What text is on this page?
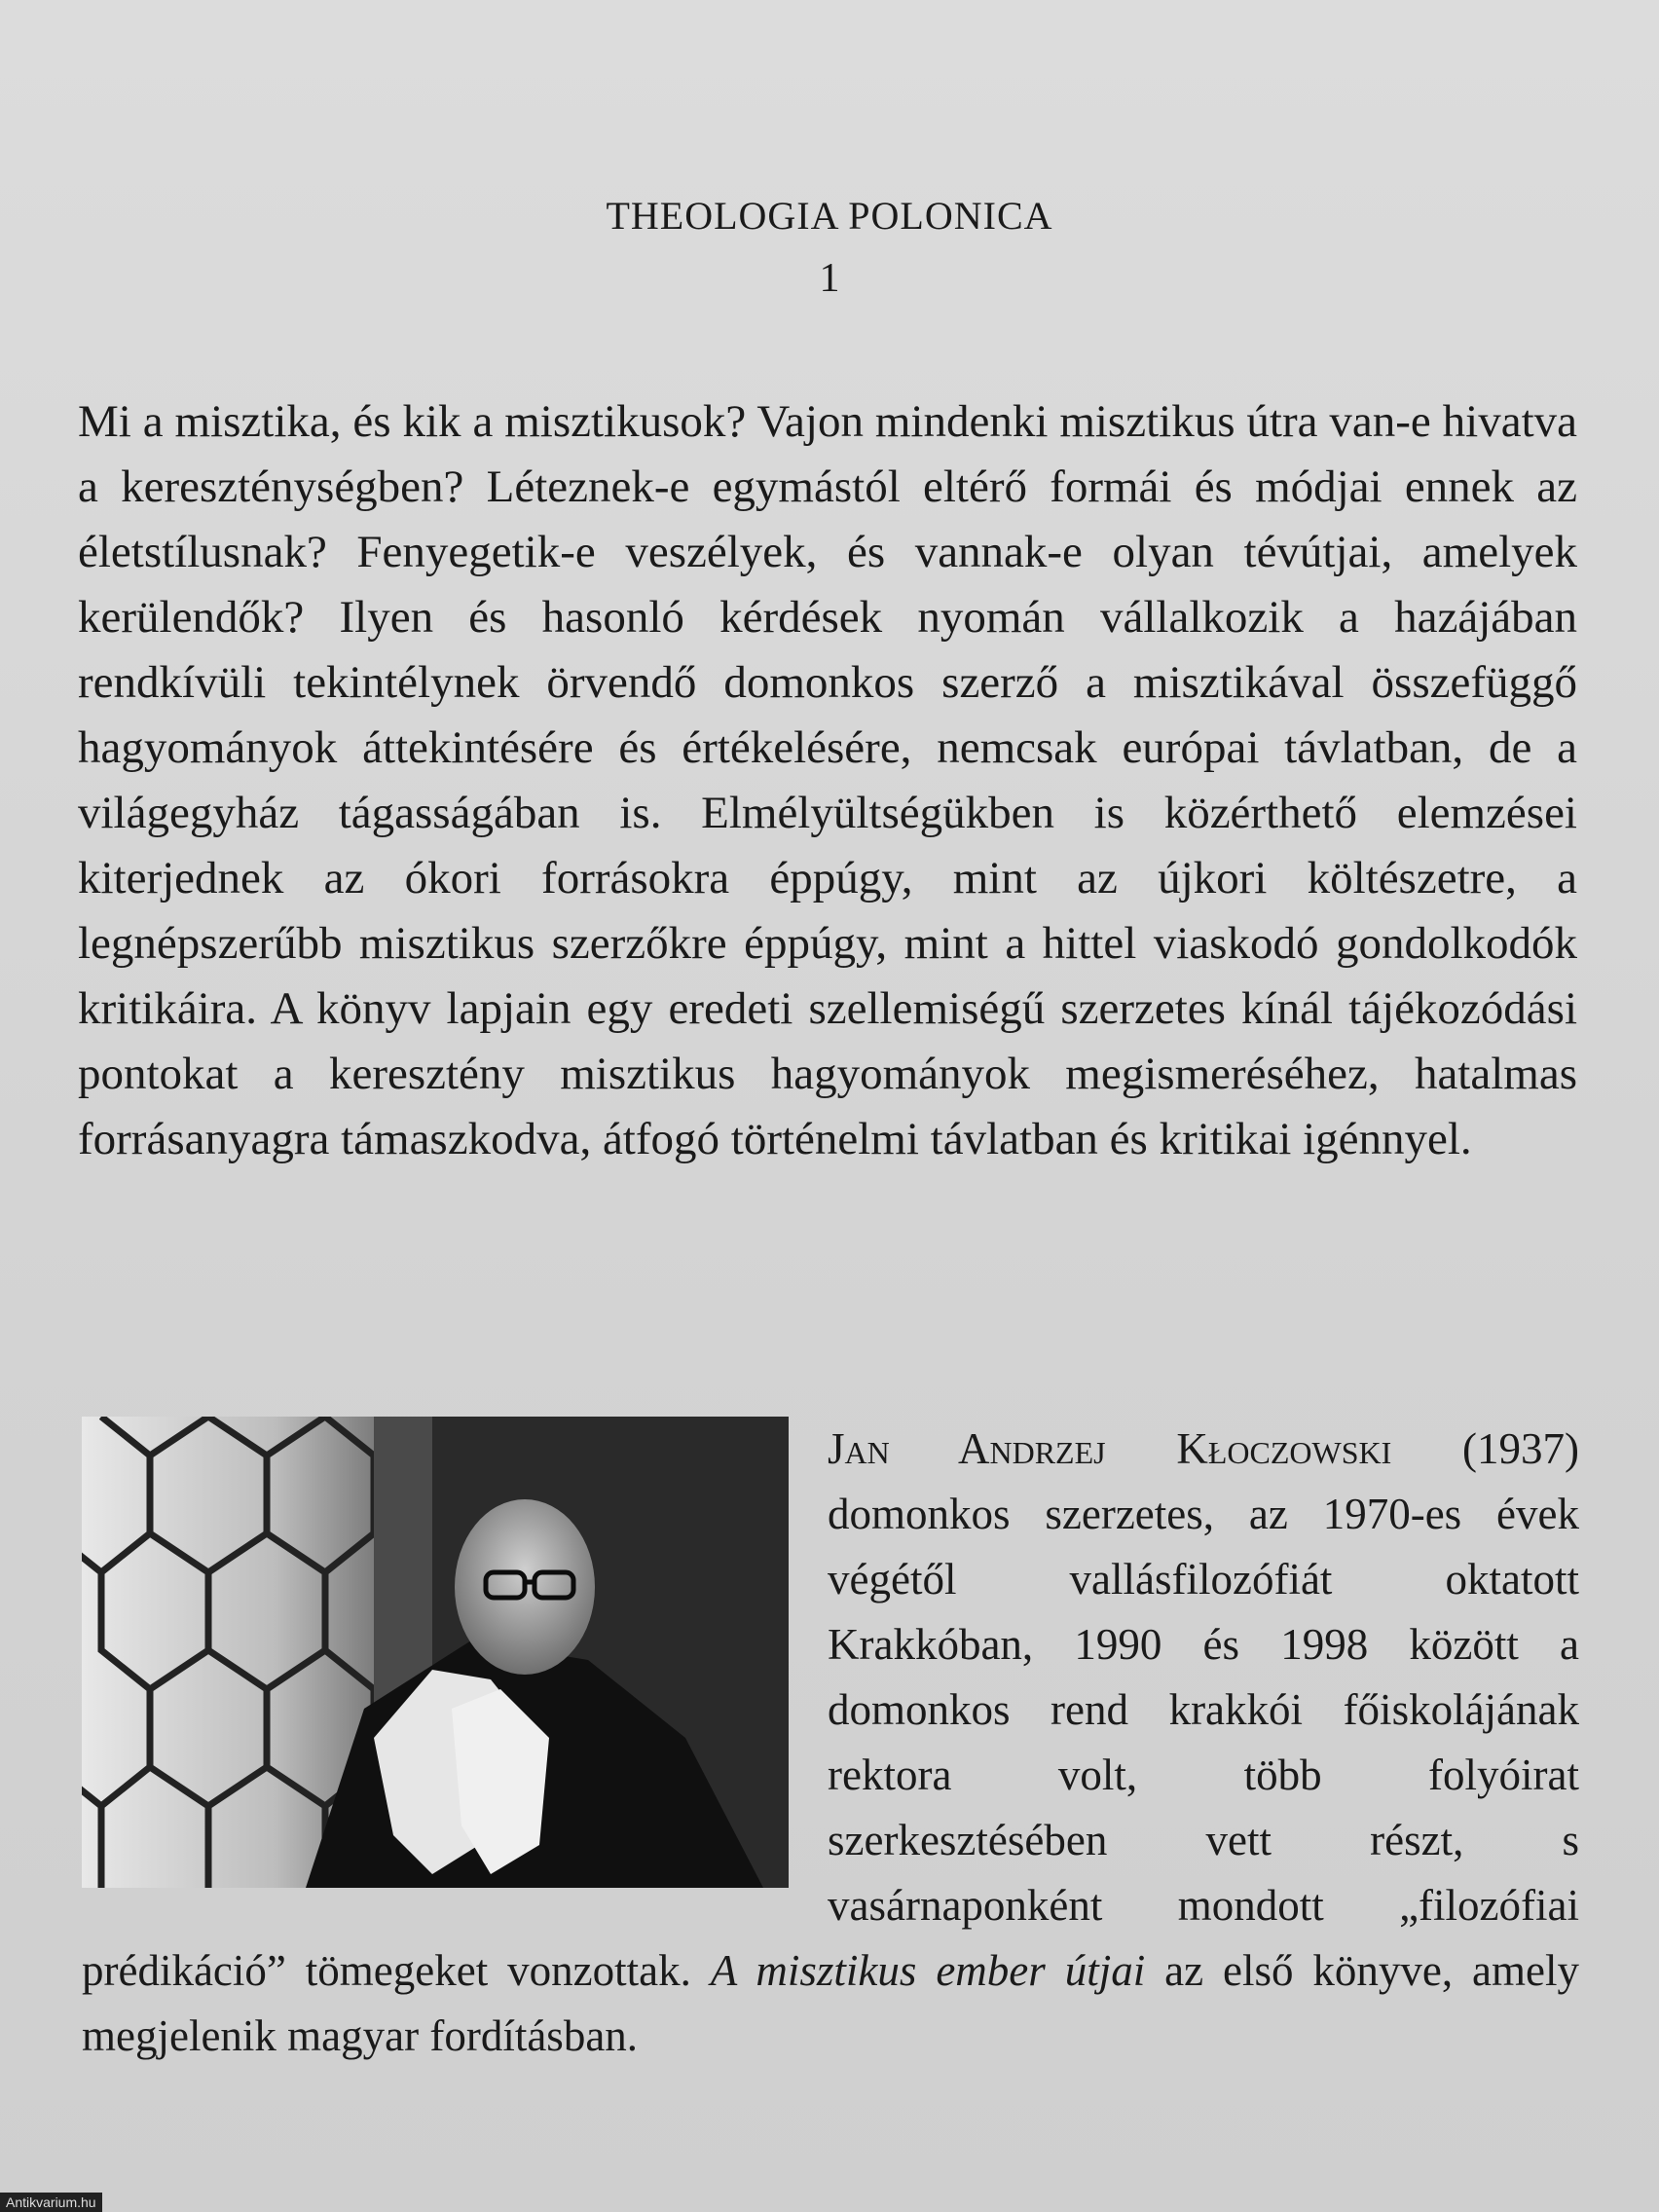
THEOLOGIA POLONICA
1
Mi a misztika, és kik a misztikusok? Vajon mindenki misztikus útra van-e hivatva a kereszténységben? Léteznek-e egymástól eltérő formái és módjai ennek az életstílusnak? Fenyegetik-e veszélyek, és vannak-e olyan tévútjai, amelyek kerülendők? Ilyen és hasonló kérdések nyomán vállalkozik a hazájában rendkívüli tekintélynek örvendő domonkos szerző a misztikával összefüggő hagyományok áttekintésére és értékelésére, nemcsak európai távlatban, de a világegyház tágasságában is. Elmélyültségükben is közérthető elemzései kiterjednek az ókori forrásokra éppúgy, mint az újkori költészetre, a legnépszerűbb misztikus szerzőkre éppúgy, mint a hittel viaskodó gondolkodók kritikáira. A könyv lapjain egy eredeti szellemiségű szerzetes kínál tájékozódási pontokat a keresztény misztikus hagyományok megismeréséhez, hatalmas forrásanyagra támaszkodva, átfogó történelmi távlatban és kritikai igénnyel.
Jan Andrzej Kłoczowski (1937) domonkos szerzetes, az 1970-es évek végétől vallásfilozófiát oktatott Krakkóban, 1990 és 1998 között a domonkos rend krakkói főiskolájának rektora volt, több folyóirat szerkesztésében vett részt, s vasárnaponként mondott „filozófiai prédikáció” tömegeket vonzottak. A misztikus ember útjai az első könyve, amely megjelenik magyar fordításban.
Antikvarium.hu
